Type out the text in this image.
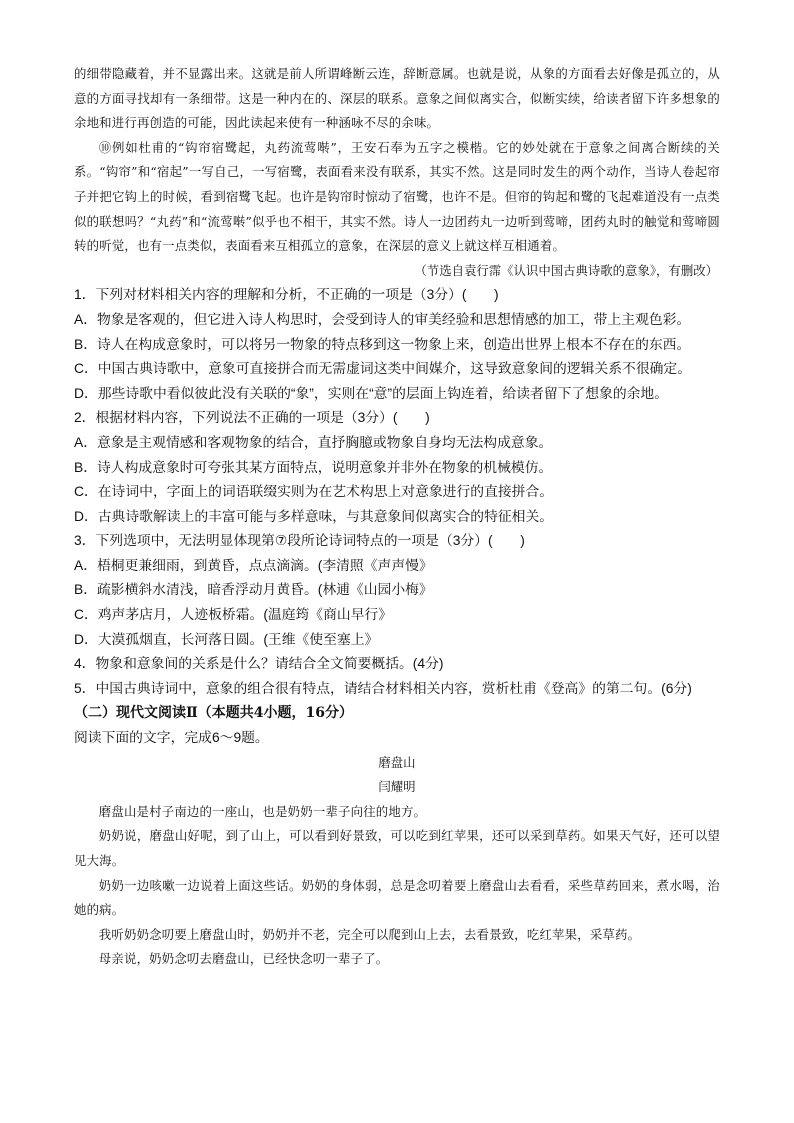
的细带隐藏着，并不显露出来。这就是前人所谓峰断云连，辞断意属。也就是说，从象的方面看去好像是孤立的，从意的方面寻找却有一条细带。这是一种内在的、深层的联系。意象之间似离实合，似断实续，给读者留下许多想象的余地和进行再创造的可能，因此读起来使有一种涵咏不尽的余味。

⑩例如杜甫的“钩帘宿鹭起，丸药流莺啭”，王安石奉为五字之模楷。它的妙处就在于意象之间离合断续的关系。“钩帘”和“宿起”一写自己，一写宿鹭，表面看来没有联系，其实不然。这是同时发生的两个动作，当诗人卷起帘子并把它钩上的时候，看到宿鹭飞起。也许是钩帘时惊动了宿鹭，也许不是。但帘的钩起和鹭的飞起难道没有一点类似的联想吗？“丸药”和“流莺啭”似乎也不相干，其实不然。诗人一边团药丸一边听到莺啼，团药丸时的触觉和莺啼圆转的听觉，也有一点类似，表面看来互相孤立的意象，在深层的意义上就这样互相通着。

（节选自袁行霈《认识中国古典诗歌的意象》，有删改）

1．下列对材料相关内容的理解和分析，不正确的一项是（3分）(　　)

A．物象是客观的，但它进入诗人构思时，会受到诗人的审美经验和思想情感的加工，带上主观色彩。

B．诗人在构成意象时，可以将另一物象的特点移到这一物象上来，创造出世界上根本不存在的东西。

C．中国古典诗歌中，意象可直接拼合而无需虚词这类中间媒介，这导致意象间的逻辑关系不很确定。

D．那些诗歌中看似彼此没有关联的“象”，实则在“意”的层面上钩连着，给读者留下了想象的余地。

2．根据材料内容，下列说法不正确的一项是（3分）(　　)

A．意象是主观情感和客观物象的结合，直抒胸臆或物象自身均无法构成意象。

B．诗人构成意象时可夸张其某方面特点，说明意象并非外在物象的机械模仿。

C．在诗词中，字面上的词语联缀实则为在艺术构思上对意象进行的直接拼合。

D．古典诗歌解读上的丰富可能与多样意味，与其意象间似离实合的特征相关。

3．下列选项中，无法明显体现第⑦段所论诗词特点的一项是（3分）(　　)

A．梧桐更兼细雨，到黄昏，点点滴滴。(李清照《声声慢》

B．疏影横斜水清浅，暗香浮动月黄昏。(林逋《山园小梅》

C．鸡声茅店月，人迹板桥霜。(温庭筠《商山早行》

D．大漠孤烟直，长河落日圆。(王维《使至塞上》

4．物象和意象间的关系是什么？请结合全文简要概括。(4分)

5．中国古典诗词中，意象的组合很有特点，请结合材料相关内容，赏析杜甫《登高》的第二句。(6分)

（二）现代文阅读Ⅱ（本题共4小题，16分）

阅读下面的文字，完成6～9题。

磨盘山

闫耀明

磨盘山是村子南边的一座山，也是奶奶一辈子向往的地方。

奶奶说，磨盘山好呢，到了山上，可以看到好景致，可以吃到红苹果，还可以采到草药。如果天气好，还可以望见大海。

奶奶一边咳嗽一边说着上面这些话。奶奶的身体弱，总是念叨着要上磨盘山去看看，采些草药回来，煮水喝，治她的病。

我听奶奶念叨要上磨盘山时，奶奶并不老，完全可以爬到山上去，去看景致，吃红苹果，采草药。

母亲说，奶奶念叨去磨盘山，已经快念叨一辈子了。
